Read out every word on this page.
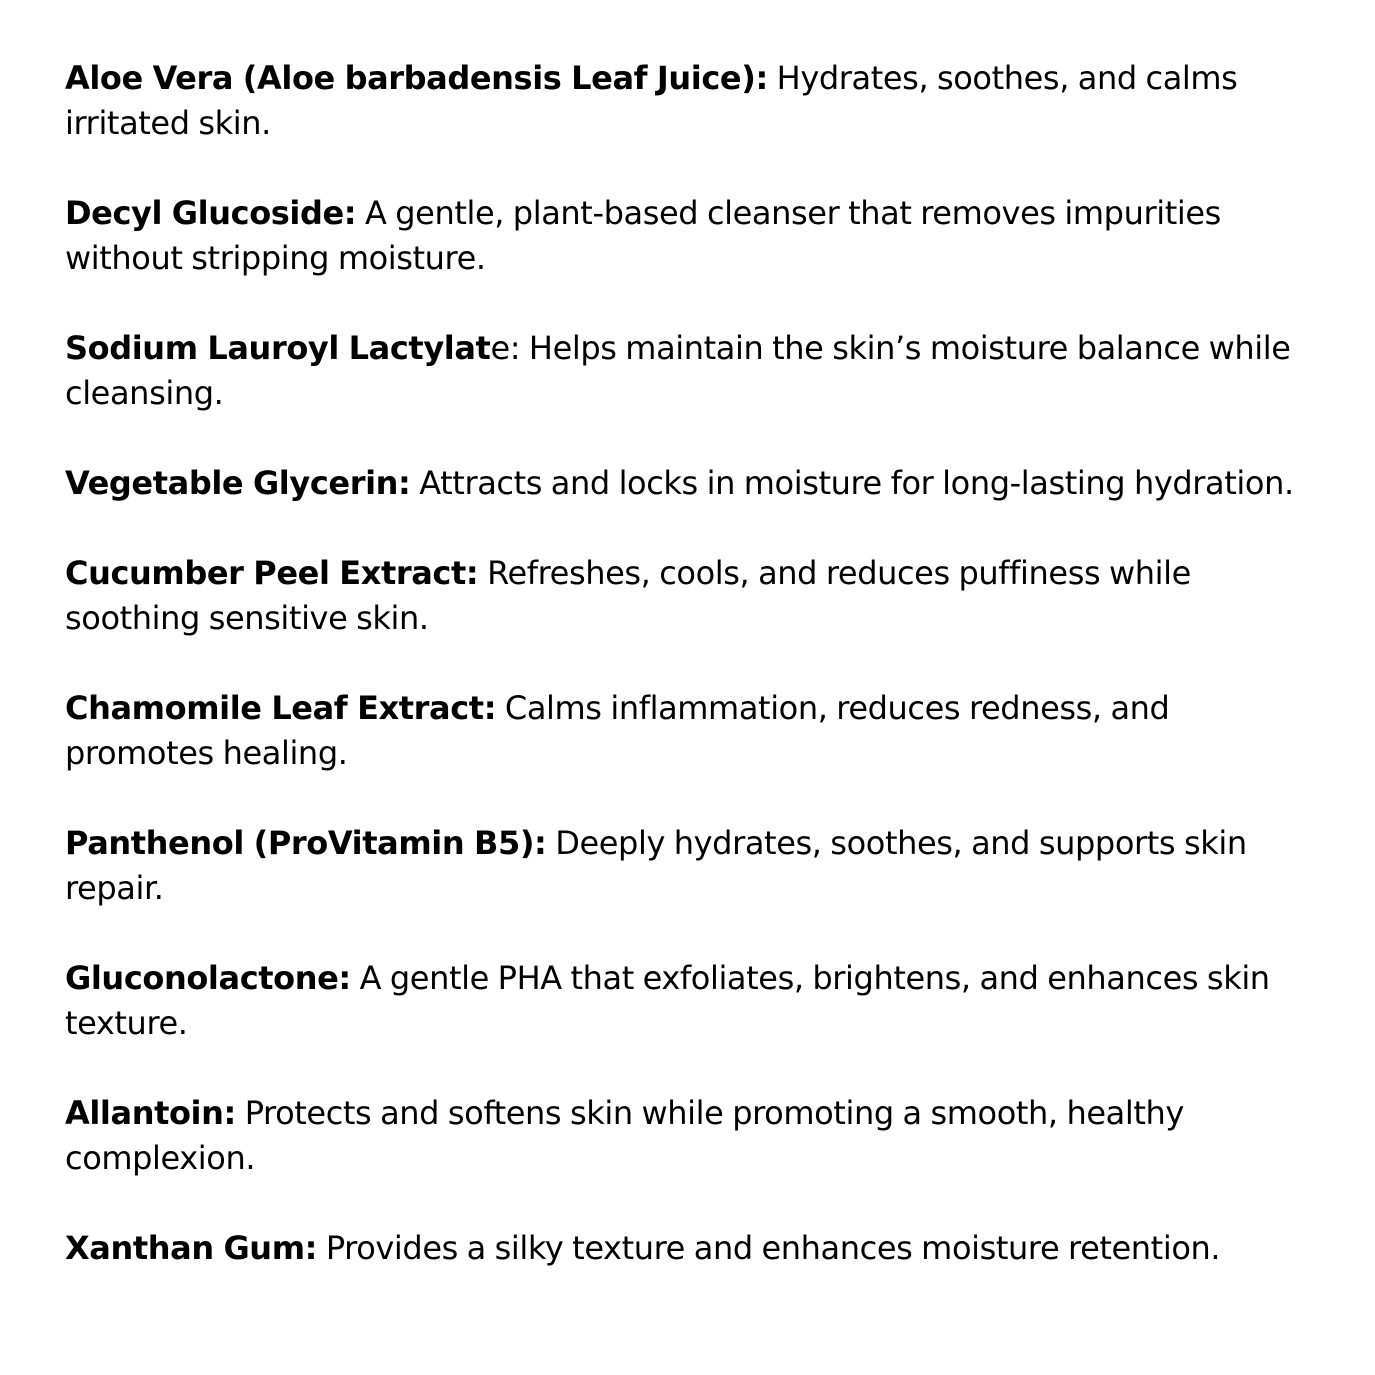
Aloe Vera (Aloe barbadensis Leaf Juice): Hydrates, soothes, and calms irritated skin.
Decyl Glucoside: A gentle, plant-based cleanser that removes impurities without stripping moisture.
Sodium Lauroyl Lactylate: Helps maintain the skin’s moisture balance while cleansing.
Vegetable Glycerin: Attracts and locks in moisture for long-lasting hydration.
Cucumber Peel Extract: Refreshes, cools, and reduces puffiness while soothing sensitive skin.
Chamomile Leaf Extract: Calms inflammation, reduces redness, and promotes healing.
Panthenol (ProVitamin B5): Deeply hydrates, soothes, and supports skin repair.
Gluconolactone: A gentle PHA that exfoliates, brightens, and enhances skin texture.
Allantoin: Protects and softens skin while promoting a smooth, healthy complexion.
Xanthan Gum: Provides a silky texture and enhances moisture retention.
